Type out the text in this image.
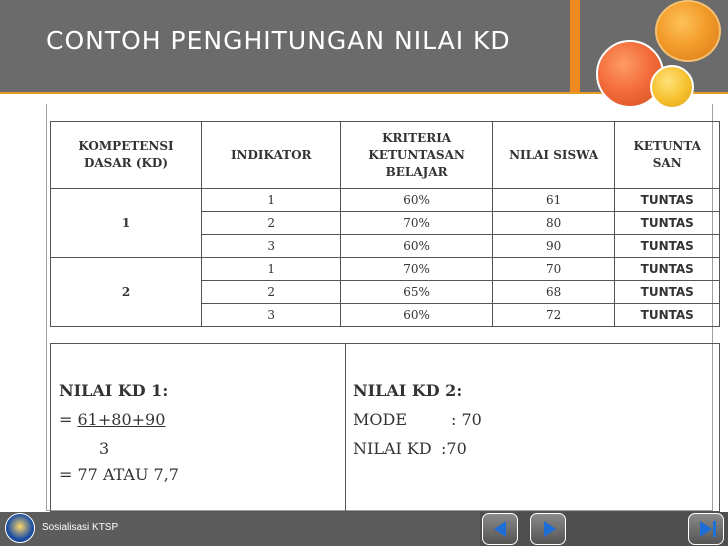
CONTOH PENGHITUNGAN NILAI KD
KOMPETENSI DASAR (KD)	INDIKATOR	KRITERIA KETUNTASAN BELAJAR	NILAI SISWA	KETUNTA SAN
1	1	60%	61	TUNTAS
	2	70%	80	TUNTAS
	3	60%	90	TUNTAS
2	1	70%	70	TUNTAS
	2	65%	68	TUNTAS
	3	60%	72	TUNTAS
NILAI KD 1:
= 61+80+90
3
= 77 ATAU 7,7
NILAI KD 2:
MODE	: 70
NILAI KD :70
Sosialisasi KTSP
